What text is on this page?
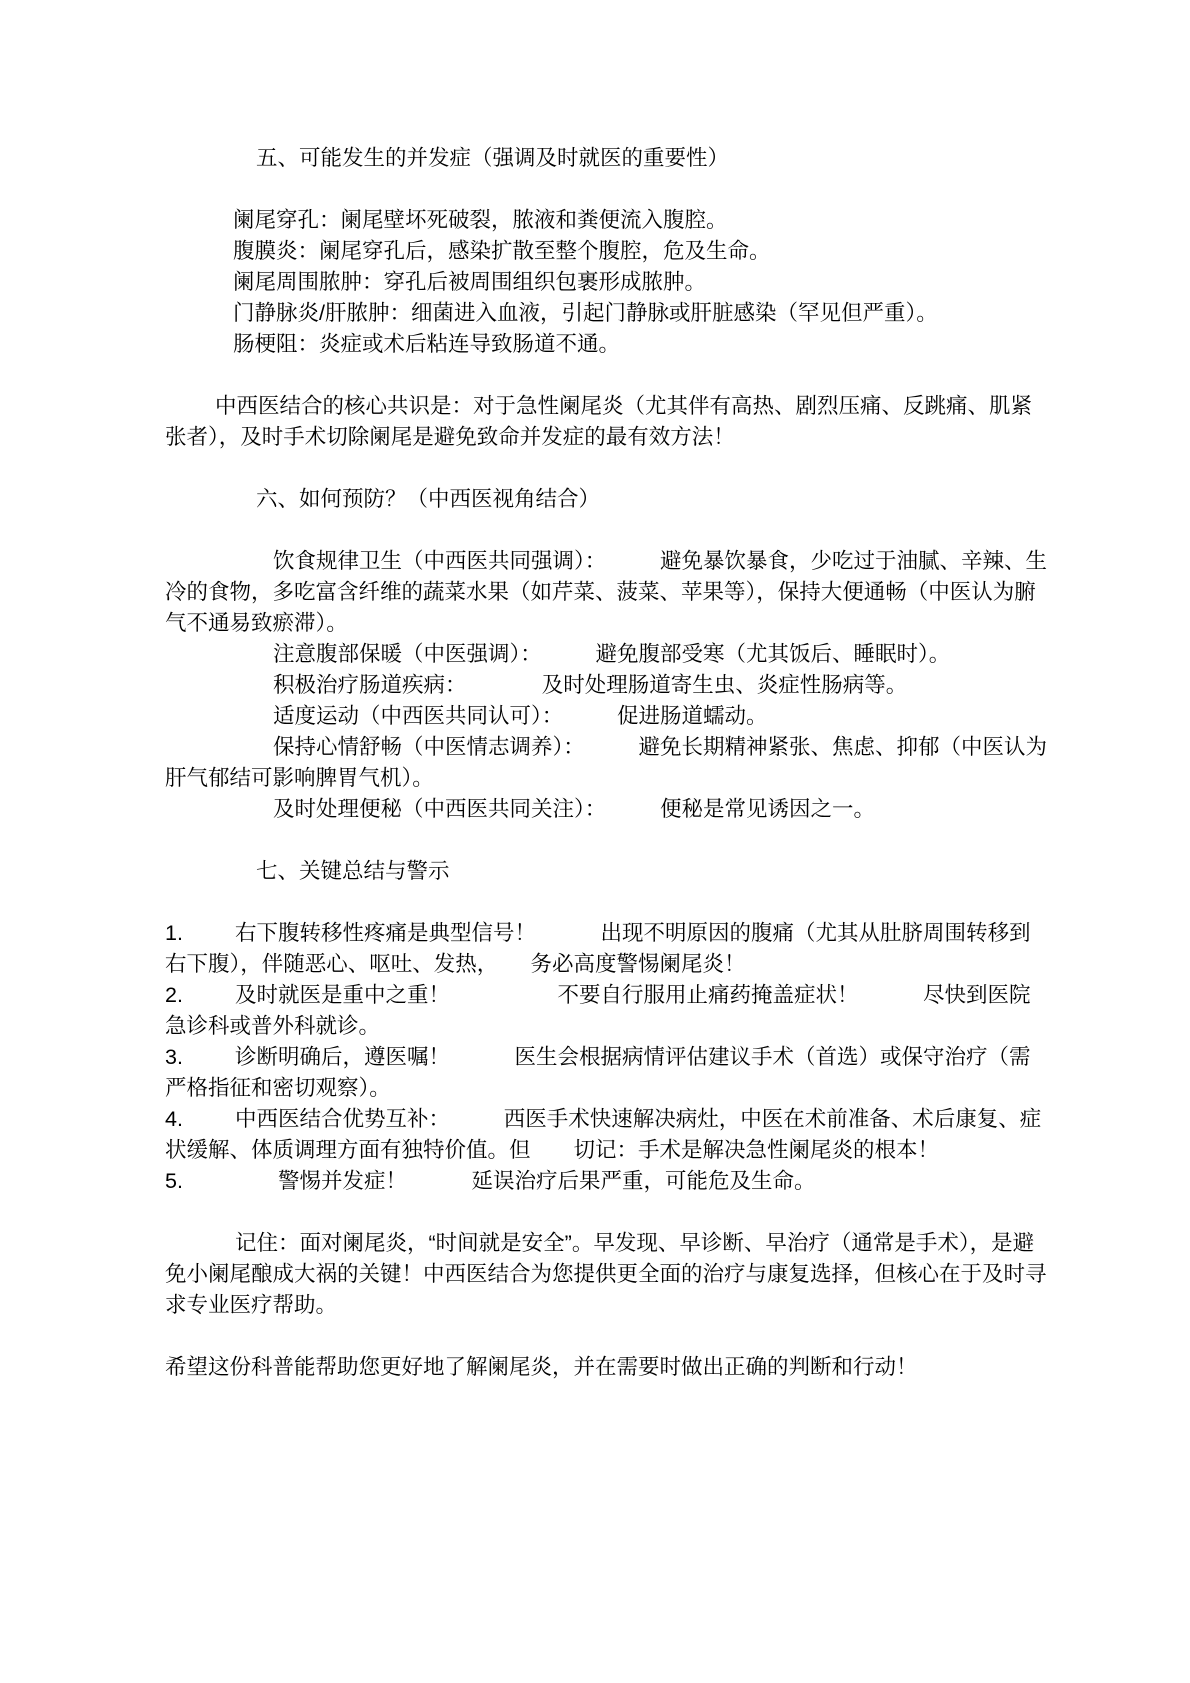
五、可能发生的并发症（强调及时就医的重要性）

阑尾穿孔：阑尾壁坏死破裂，脓液和粪便流入腹腔。

腹膜炎：阑尾穿孔后，感染扩散至整个腹腔，危及生命。

阑尾周围脓肿：穿孔后被周围组织包裹形成脓肿。

门静脉炎/肝脓肿：细菌进入血液，引起门静脉或肝脏感染（罕见但严重）。

肠梗阻：炎症或术后粘连导致肠道不通。

中西医结合的核心共识是：对于急性阑尾炎（尤其伴有高热、剧烈压痛、反跳痛、肌紧张者），及时手术切除阑尾是避免致命并发症的最有效方法！

六、如何预防？（中西医视角结合）

饮食规律卫生（中西医共同强调）：　　　避免暴饮暴食，少吃过于油腻、辛辣、生冷的食物，多吃富含纤维的蔬菜水果（如芹菜、菠菜、苹果等），保持大便通畅（中医认为腑气不通易致瘀滞）。

注意腹部保暖（中医强调）：　　　避免腹部受寒（尤其饭后、睡眠时）。

积极治疗肠道疾病：　　　　及时处理肠道寄生虫、炎症性肠病等。

适度运动（中西医共同认可）：　　　促进肠道蠕动。

保持心情舒畅（中医情志调养）：　　　避免长期精神紧张、焦虑、抑郁（中医认为肝气郁结可影响脾胃气机）。

及时处理便秘（中西医共同关注）：　　　便秘是常见诱因之一。

七、关键总结与警示

1. 右下腹转移性疼痛是典型信号！　　　出现不明原因的腹痛（尤其从肚脐周围转移到右下腹），伴随恶心、呕吐、发热，　　务必高度警惕阑尾炎！

2. 及时就医是重中之重！　　　　　不要自行服用止痛药掩盖症状！　　　尽快到医院急诊科或普外科就诊。

3. 诊断明确后，遵医嘱！　　　医生会根据病情评估建议手术（首选）或保守治疗（需严格指征和密切观察）。

4. 中西医结合优势互补：　　　西医手术快速解决病灶，中医在术前准备、术后康复、症状缓解、体质调理方面有独特价值。但　　切记：手术是解决急性阑尾炎的根本！

5.　　警惕并发症！　　　延误治疗后果严重，可能危及生命。

记住：面对阑尾炎，“时间就是安全”。早发现、早诊断、早治疗（通常是手术），是避免小阑尾酿成大祸的关键！中西医结合为您提供更全面的治疗与康复选择，但核心在于及时寻求专业医疗帮助。

希望这份科普能帮助您更好地了解阑尾炎，并在需要时做出正确的判断和行动！
